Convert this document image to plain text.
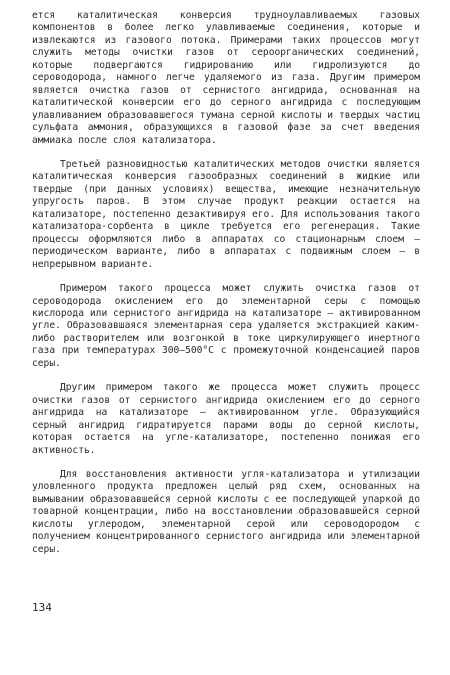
ется каталитическая конверсия трудноулавливаемых газовых компонентов в более легко улавливаемые соединения, которые и извлекаются из газового потока. Примерами таких процессов могут служить методы очистки газов от сероорганических соединений, которые подвергаются гидрированию или гидролизуются до сероводорода, намного легче удаляемого из газа. Другим примером является очистка газов от сернистого ангидрида, основанная на каталитической конверсии его до серного ангидрида с последующим улавливанием образовавшегося тумана серной кислоты и твердых частиц сульфата аммония, образующихся в газовой фазе за счет введения аммиака после слоя катализатора.

Третьей разновидностью каталитических методов очистки является каталитическая конверсия газообразных соединений в жидкие или твердые (при данных условиях) вещества, имеющие незначительную упругость паров. В этом случае продукт реакции остается на катализаторе, постепенно дезактивируя его. Для использования такого катализатора-сорбента в цикле требуется его регенерация. Такие процессы оформляются либо в аппаратах со стационарным слоем – периодическом варианте, либо в аппаратах с подвижным слоем – в непрерывном варианте.

Примером такого процесса может служить очистка газов от сероводорода окислением его до элементарной серы с помощью кислорода или сернистого ангидрида на катализаторе – активированном угле. Образовавшаяся элементарная сера удаляется экстракцией каким-либо растворителем или возгонкой в токе циркулирующего инертного газа при температурах 300–500°С с промежуточной конденсацией паров серы.

Другим примером такого же процесса может служить процесс очистки газов от сернистого ангидрида окислением его до серного ангидрида на катализаторе – активированном угле. Образующийся серный ангидрид гидратируется парами воды до серной кислоты, которая остается на угле-катализаторе, постепенно понижая его активность.

Для восстановления активности угля-катализатора и утилизации уловленного продукта предложен целый ряд схем, основанных на вымывании образовавшейся серной кислоты с ее последующей упаркой до товарной концентрации, либо на восстановлении образовавшейся серной кислоты углеродом, элементарной серой или сероводородом с получением концентрированного сернистого ангидрида или элементарной серы.

134
